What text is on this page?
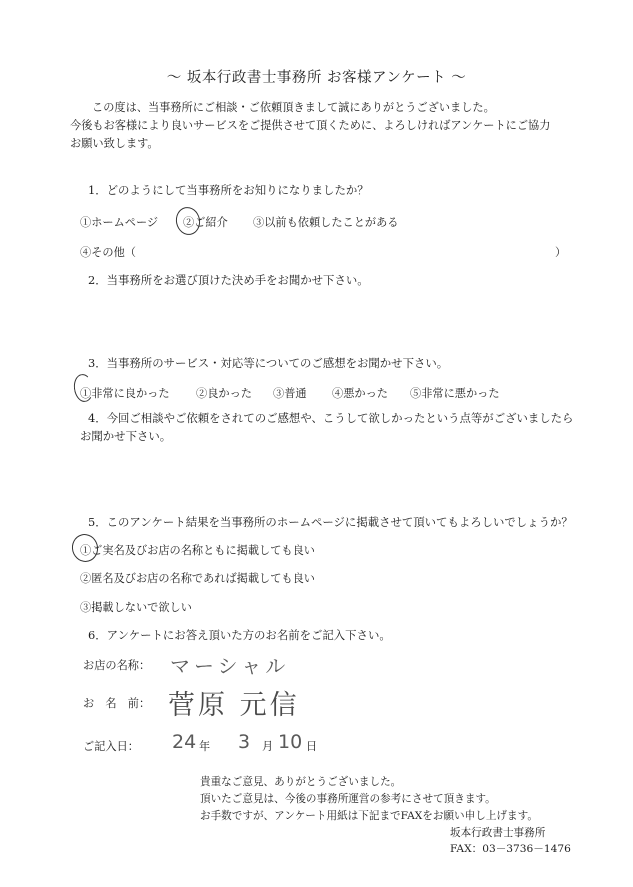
～ 坂本行政書士事務所 お客様アンケート ～
この度は、当事務所にご相談・ご依頼頂きまして誠にありがとうございました。
今後もお客様により良いサービスをご提供させて頂くために、よろしければアンケートにご協力
お願い致します。
1．どのようにして当事務所をお知りになりましたか？
①ホームページ ②ご紹介 ③以前も依頼したことがある
④その他（	）
2．当事務所をお選び頂けた決め手をお聞かせ下さい。
3．当事務所のサービス・対応等についてのご感想をお聞かせ下さい。
①非常に良かった ②良かった ③普通 ④悪かった ⑤非常に悪かった
4．今回ご相談やご依頼をされてのご感想や、こうして欲しかったという点等がございましたら
お聞かせ下さい。
5．このアンケート結果を当事務所のホームページに掲載させて頂いてもよろしいでしょうか？
①ご実名及びお店の名称ともに掲載しても良い
②匿名及びお店の名称であれば掲載しても良い
③掲載しないで欲しい
6．アンケートにお答え頂いた方のお名前をご記入下さい。
お店の名称： マーシャル
お　名　前： 菅原 元信
ご記入日： 24 年 3 月 10 日
貴重なご意見、ありがとうございました。
頂いたご意見は、今後の事務所運営の参考にさせて頂きます。
お手数ですが、アンケート用紙は下記までFAXをお願い申し上げます。
坂本行政書士事務所
FAX：03－3736－1476
